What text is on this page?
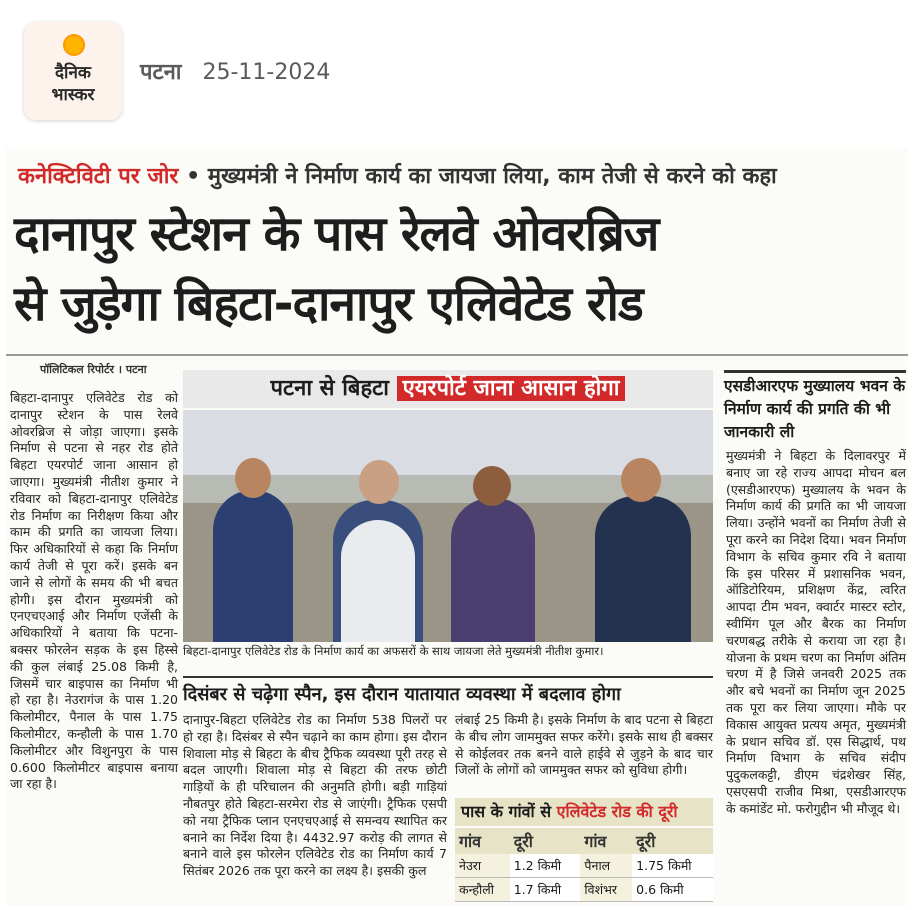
दैनिक
भास्कर
पटना 25-11-2024
कनेक्टिविटी पर जोर • मुख्यमंत्री ने निर्माण कार्य का जायजा लिया, काम तेजी से करने को कहा
दानापुर स्टेशन के पास रेलवे ओवरब्रिज
से जुड़ेगा बिहटा-दानापुर एलिवेटेड रोड
पॉलिटिकल रिपोर्टर । पटना

बिहटा-दानापुर एलिवेटेड रोड को दानापुर स्टेशन के पास रेलवे ओवरब्रिज से जोड़ा जाएगा। इसके निर्माण से पटना से नहर रोड होते बिहटा एयरपोर्ट जाना आसान हो जाएगा। मुख्यमंत्री नीतीश कुमार ने रविवार को बिहटा-दानापुर एलिवेटेड रोड निर्माण का निरीक्षण किया और काम की प्रगति का जायजा लिया। फिर अधिकारियों से कहा कि निर्माण कार्य तेजी से पूरा करें। इसके बन जाने से लोगों के समय की भी बचत होगी। इस दौरान मुख्यमंत्री को एनएचएआई और निर्माण एजेंसी के अधिकारियों ने बताया कि पटना-बक्सर फोरलेन सड़क के इस हिस्से की कुल लंबाई 25.08 किमी है, जिसमें चार बाइपास का निर्माण भी हो रहा है। नेउरागंज के पास 1.20 किलोमीटर, पैनाल के पास 1.75 किलोमीटर, कन्हौली के पास 1.70 किलोमीटर और विशुनपुरा के पास 0.600 किलोमीटर बाइपास बनाया जा रहा है।

पटना से बिहटा एयरपोर्ट जाना आसान होगा
बिहटा-दानापुर एलिवेटेड रोड के निर्माण कार्य का अफसरों के साथ जायजा लेते मुख्यमंत्री नीतीश कुमार।
एसडीआरएफ मुख्यालय भवन के निर्माण कार्य की प्रगति की भी जानकारी ली

मुख्यमंत्री ने बिहटा के दिलावरपुर में बनाए जा रहे राज्य आपदा मोचन बल (एसडीआरएफ) मुख्यालय के भवन के निर्माण कार्य की प्रगति का भी जायजा लिया। उन्होंने भवनों का निर्माण तेजी से पूरा करने का निदेश दिया। भवन निर्माण विभाग के सचिव कुमार रवि ने बताया कि इस परिसर में प्रशासनिक भवन, ऑडिटोरियम, प्रशिक्षण केंद्र, त्वरित आपदा टीम भवन, क्वार्टर मास्टर स्टोर, स्वीमिंग पूल और बैरक का निर्माण चरणबद्ध तरीके से कराया जा रहा है। योजना के प्रथम चरण का निर्माण अंतिम चरण में है जिसे जनवरी 2025 तक और बचे भवनों का निर्माण जून 2025 तक पूरा कर लिया जाएगा। मौके पर विकास आयुक्त प्रत्यय अमृत, मुख्यमंत्री के प्रधान सचिव डॉ. एस सिद्धार्थ, पथ निर्माण विभाग के सचिव संदीप पुदुकलकट्टी, डीएम चंद्रशेखर सिंह, एसएसपी राजीव मिश्रा, एसडीआरएफ के कमांडेंट मो. फरोगुद्दीन भी मौजूद थे।

दिसंबर से चढ़ेगा स्पैन, इस दौरान यातायात व्यवस्था में बदलाव होगा

दानापुर-बिहटा एलिवेटेड रोड का निर्माण 538 पिलरों पर हो रहा है। दिसंबर से स्पैन चढ़ाने का काम होगा। इस दौरान शिवाला मोड़ से बिहटा के बीच ट्रैफिक व्यवस्था पूरी तरह से बदल जाएगी। शिवाला मोड़ से बिहटा की तरफ छोटी गाड़ियों के ही परिचालन की अनुमति होगी। बड़ी गाड़ियां नौबतपुर होते बिहटा-सरमेरा रोड से जाएंगी। ट्रैफिक एसपी को नया ट्रैफिक प्लान एनएचएआई से समन्वय स्थापित कर बनाने का निर्देश दिया है। 4432.97 करोड़ की लागत से बनाने वाले इस फोरलेन एलिवेटेड रोड का निर्माण कार्य 7 सितंबर 2026 तक पूरा करने का लक्ष्य है। इसकी कुल

लंबाई 25 किमी है। इसके निर्माण के बाद पटना से बिहटा के बीच लोग जाममुक्त सफर करेंगे। इसके साथ ही बक्सर से कोईलवर तक बनने वाले हाईवे से जुड़ने के बाद चार जिलों के लोगों को जाममुक्त सफर को सुविधा होगी।

पास के गांवों से एलिवेटेड रोड की दूरी
गांव	दूरी	गांव	दूरी
नेउरा	1.2 किमी	पैनाल	1.75 किमी
कन्हौली	1.7 किमी	विशंभर	0.6 किमी
